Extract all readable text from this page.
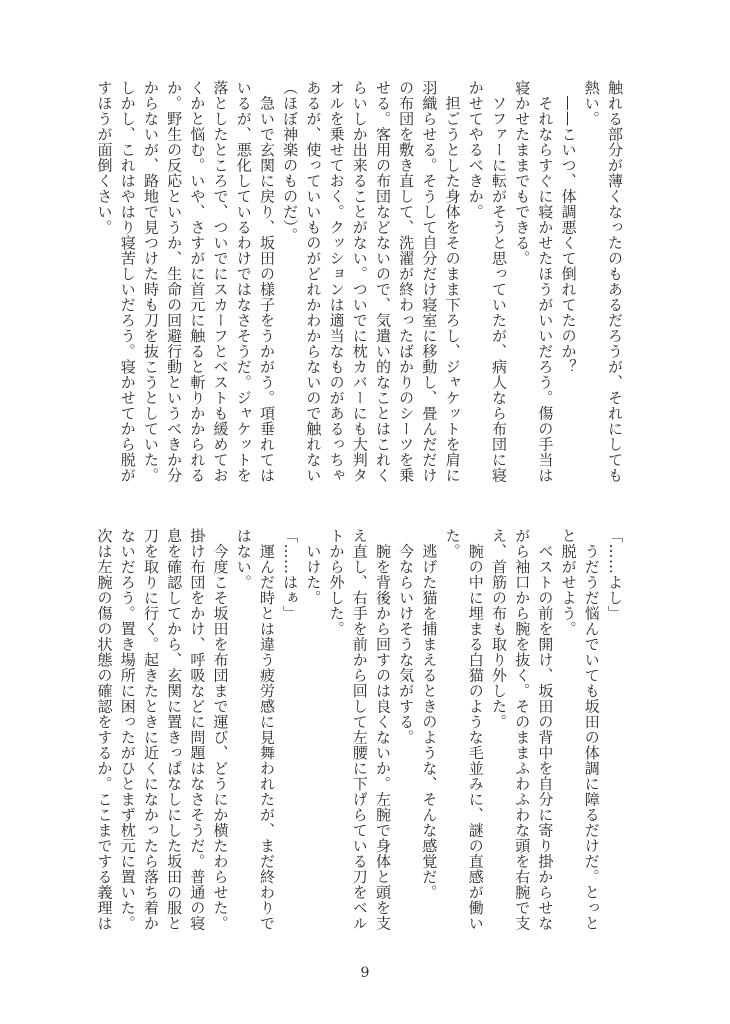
触れる部分が薄くなったのもあるだろうが、それにしても
熱い。
　——こいつ、体調悪くて倒れてたのか？
　それならすぐに寝かせたほうがいいだろう。傷の手当は
寝かせたままでもできる。
　ソファーに転がそうと思っていたが、病人なら布団に寝
かせてやるべきか。
　担ごうとした身体をそのまま下ろし、ジャケットを肩に
羽織らせる。そうして自分だけ寝室に移動し、畳んだだけ
の布団を敷き直して、洗濯が終わったばかりのシーツを乗
せる。客用の布団などないので、気遣い的なことはこれく
らいしか出来ることがない。ついでに枕カバーにも大判タ
オルを乗せておく。クッションは適当なものがあるっちゃ
あるが、使っていいものがどれかわからないので触れない
（ほぼ神楽のものだ）。
　急いで玄関に戻り、坂田の様子をうかがう。項垂れては
いるが、悪化しているわけではなさそうだ。ジャケットを
落としたところで、ついでにスカーフとベストも緩めてお
くかと悩む。いや、さすがに首元に触ると斬りかかられる
か。野生の反応というか、生命の回避行動というべきか分
からないが、路地で見つけた時も刀を抜こうとしていた。
しかし、これはやはり寝苦しいだろう。寝かせてから脱が
すほうが面倒くさい。
「……よし」
　うだうだ悩んでいても坂田の体調に障るだけだ。とっと
と脱がせよう。
　ベストの前を開け、坂田の背中を自分に寄り掛からせな
がら袖口から腕を抜く。そのままふわふわな頭を右腕で支
え、首筋の布も取り外した。
　腕の中に埋まる白猫のような毛並みに、謎の直感が働い
た。
　逃げた猫を捕まえるときのような、そんな感覚だ。
　今ならいけそうな気がする。
　腕を背後から回すのは良くないか。左腕で身体と頭を支
え直し、右手を前から回して左腰に下げらている刀をベル
トから外した。
　いけた。
「……はぁ」
　運んだ時とは違う疲労感に見舞われたが、まだ終わりで
はない。
　今度こそ坂田を布団まで運び、どうにか横たわらせた。
掛け布団をかけ、呼吸などに問題はなさそうだ。普通の寝
息を確認してから、玄関に置きっぱなしにした坂田の服と
刀を取りに行く。起きたときに近くになかったら落ち着か
ないだろう。置き場所に困ったがひとまず枕元に置いた。
次は左腕の傷の状態の確認をするか。ここまでする義理は
9
